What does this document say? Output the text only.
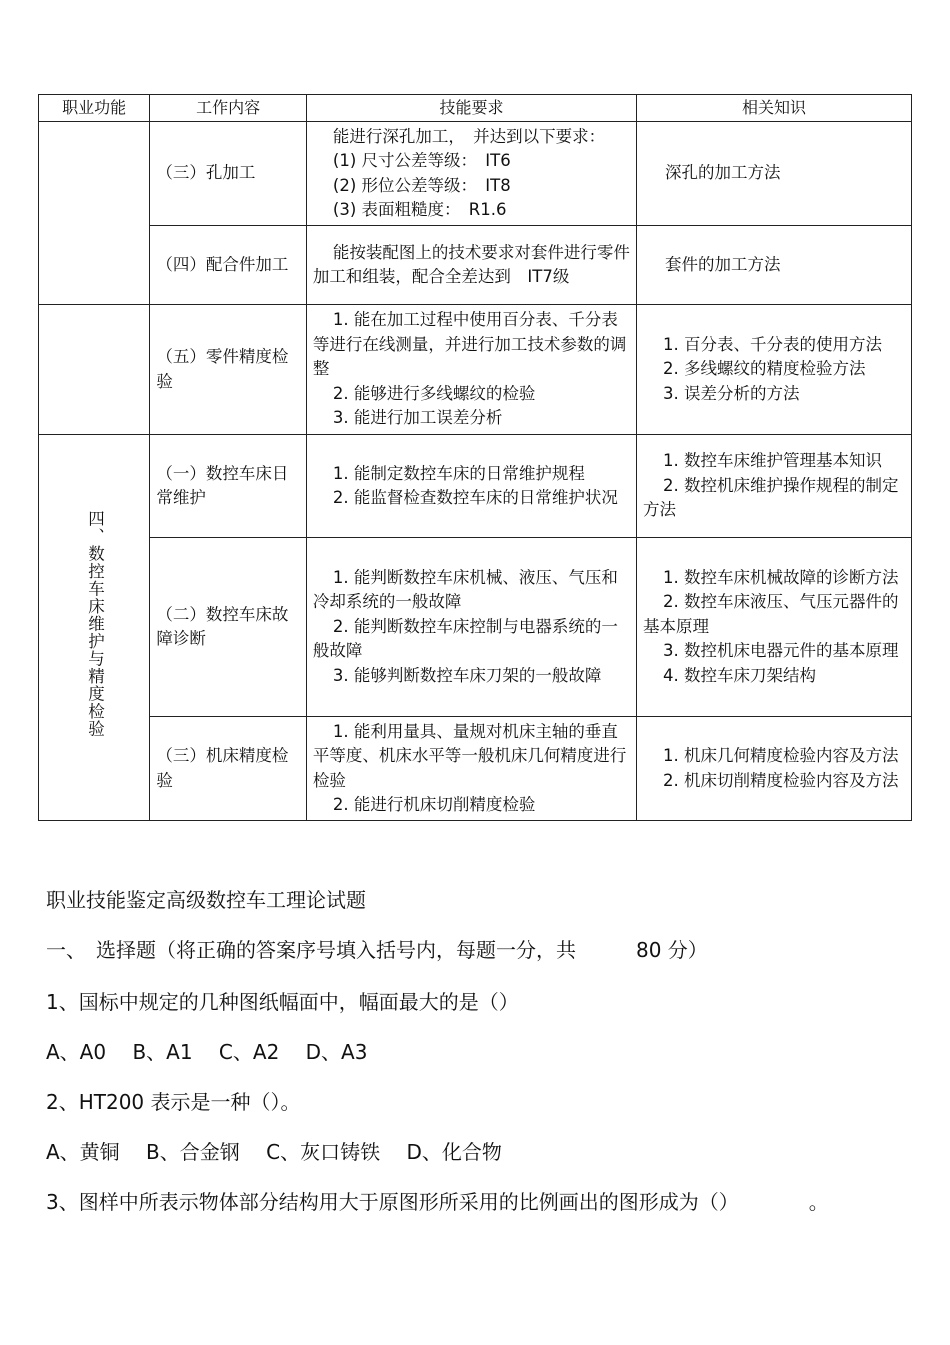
职业功能	工作内容	技能要求	相关知识
	（三）孔加工	能进行深孔加工，　并达到以下要求：
(1) 尺寸公差等级：　IT6
(2) 形位公差等级：　IT8
(3) 表面粗糙度：　R1.6	深孔的加工方法
	（四）配合件加工	能按装配图上的技术要求对套件进行零件加工和组装，配合全差达到　IT7级	套件的加工方法
	（五）零件精度检验	1. 能在加工过程中使用百分表、千分表等进行在线测量，并进行加工技术参数的调整
2. 能够进行多线螺纹的检验
3. 能进行加工误差分析	1. 百分表、千分表的使用方法
2. 多线螺纹的精度检验方法
3. 误差分析的方法

四、数控车床维护与精度检验	（一）数控车床日常维护	1. 能制定数控车床的日常维护规程
2. 能监督检查数控车床的日常维护状况	1. 数控车床维护管理基本知识
2. 数控机床维护操作规程的制定方法

	（二）数控车床故障诊断	1. 能判断数控车床机械、液压、气压和冷却系统的一般故障
2. 能判断数控车床控制与电器系统的一般故障
3. 能够判断数控车床刀架的一般故障	1. 数控车床机械故障的诊断方法
2. 数控车床液压、气压元器件的基本原理
3. 数控机床电器元件的基本原理
4. 数控车床刀架结构

	（三）机床精度检验	1. 能利用量具、量规对机床主轴的垂直平等度、机床水平等一般机床几何精度进行检验
2. 能进行机床切削精度检验	1. 机床几何精度检验内容及方法
2. 机床切削精度检验内容及方法
职业技能鉴定高级数控车工理论试题
一、　选择题（将正确的答案序号填入括号内，每题一分，共　　　80 分）
1、国标中规定的几种图纸幅面中，幅面最大的是（）
A、A0　 B、A1　 C、A2　 D、A3
2、HT200 表示是一种（）。
A、黄铜　 B、合金钢　 C、灰口铸铁　 D、化合物
3、图样中所表示物体部分结构用大于原图形所采用的比例画出的图形成为（）　　　　。
